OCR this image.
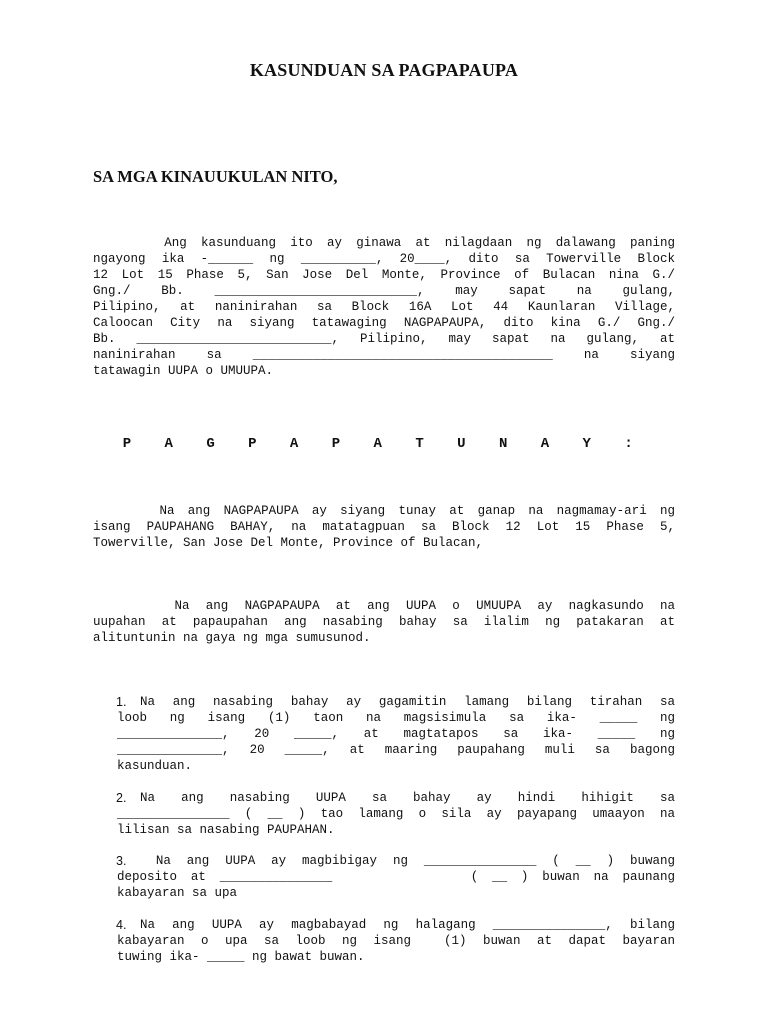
KASUNDUAN SA PAGPAPAUPA
SA MGA KINAUUKULAN NITO,
Ang kasunduang ito ay ginawa at nilagdaan ng dalawang paning
ngayong ika -______ ng __________, 20____, dito sa Towerville Block
12 Lot 15 Phase 5, San Jose Del Monte, Province of Bulacan nina G./
Gng./ Bb. ___________________________, may sapat na gulang,
Pilipino, at naninirahan sa Block 16A Lot 44 Kaunlaran Village,
Caloocan City na siyang tatawaging NAGPAPAUPA, dito kina G./ Gng./
Bb. __________________________, Pilipino, may sapat na gulang, at
naninirahan sa ________________________________________ na siyang
tatawagin UUPA o UMUUPA.
P A G P A P A T U N A Y :
Na ang NAGPAPAUPA ay siyang tunay at ganap na nagmamay-ari ng
isang PAUPAHANG BAHAY, na matatagpuan sa Block 12 Lot 15 Phase 5,
Towerville, San Jose Del Monte, Province of Bulacan,
Na ang NAGPAPAUPA at ang UUPA o UMUUPA ay nagkasundo na
uupahan at papaupahan ang nasabing bahay sa ilalim ng patakaran at
alituntunin na gaya ng mga sumusunod.
1. Na ang nasabing bahay ay gagamitin lamang bilang tirahan sa
loob ng isang (1) taon na magsisimula sa ika- _____ ng
______________, 20 _____, at magtatapos sa ika- _____ ng
______________, 20 _____, at maaring paupahang muli sa bagong
kasunduan.
2. Na ang nasabing UUPA sa bahay ay hindi hihigit sa
_______________ ( __ ) tao lamang o sila ay payapang umaayon na
lilisan sa nasabing PAUPAHAN.
3. Na ang UUPA ay magbibigay ng _______________ ( __ ) buwang
deposito at _______________          ( __ ) buwan na paunang
kabayaran sa upa
4. Na ang UUPA ay magbabayad ng halagang _______________, bilang
kabayaran o upa sa loob ng isang  (1) buwan at dapat bayaran
tuwing ika- _____ ng bawat buwan.
